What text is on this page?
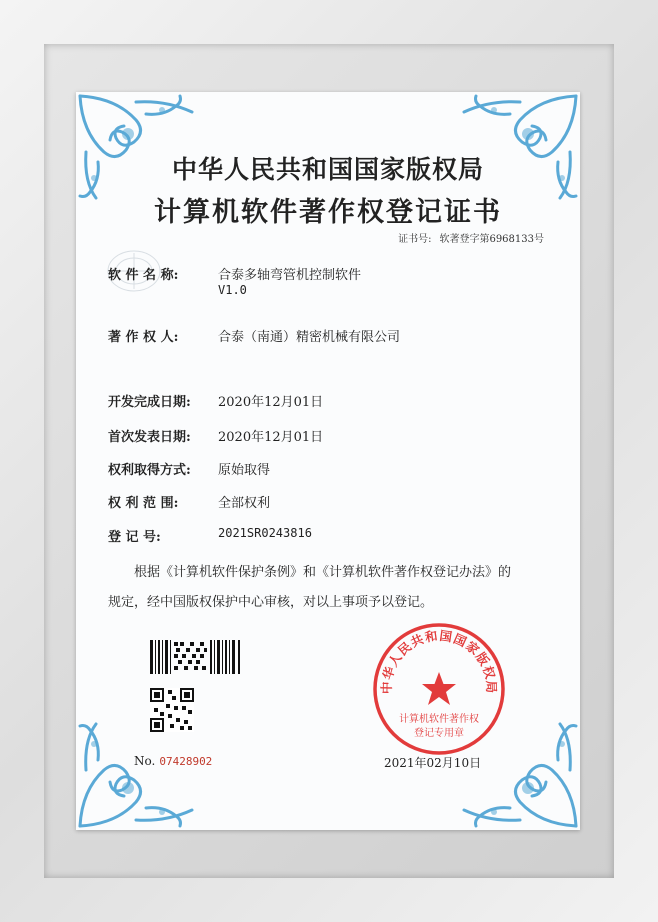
中华人民共和国国家版权局
计算机软件著作权登记证书
证书号: 软著登字第6968133号
软 件 名 称:	合泰多轴弯管机控制软件
V1.0
著 作 权 人:	合泰（南通）精密机械有限公司
开发完成日期: 2020年12月01日
首次发表日期: 2020年12月01日
权利取得方式: 原始取得
权 利 范 围:	全部权利
登 记 号:	2021SR0243816
根据《计算机软件保护条例》和《计算机软件著作权登记办法》的
规定，经中国版权保护中心审核，对以上事项予以登记。
No. 07428902
中华人民共和国国家版权局
计算机软件著作权
登记专用章
2021年02月10日
